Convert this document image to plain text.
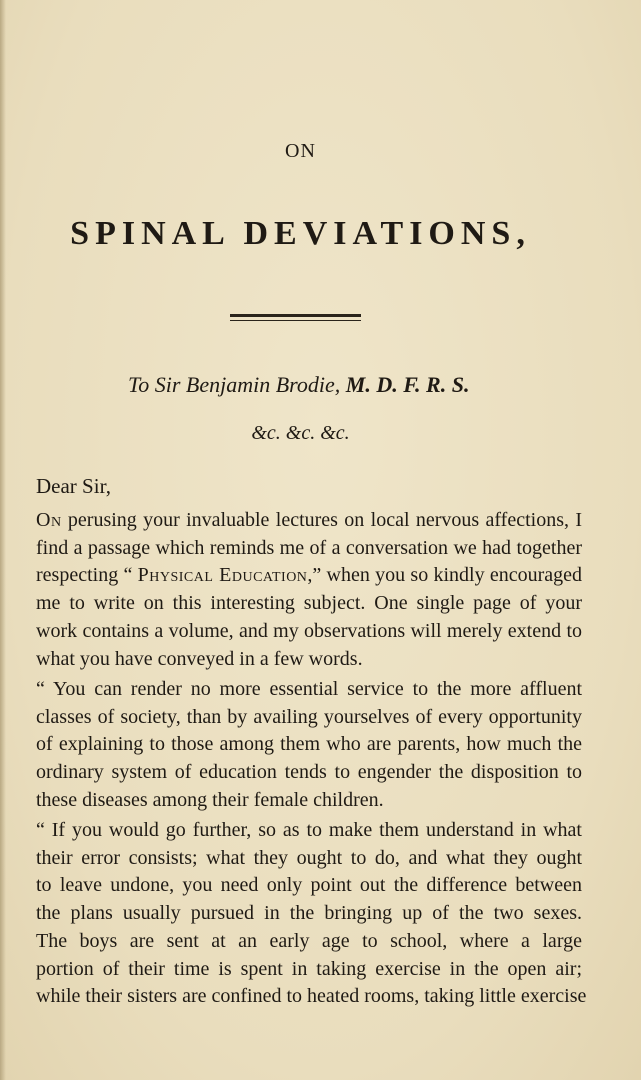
ON
SPINAL DEVIATIONS,
To Sir Benjamin Brodie, M. D. F. R. S.
&c. &c. &c.
Dear Sir,
On perusing your invaluable lectures on local nervous affections, I
find a passage which reminds me of a conversation we had together
respecting “ Physical Education,” when you so kindly encouraged
me to write on this interesting subject. One single page of your
work contains a volume, and my observations will merely extend to
what you have conveyed in a few words.
“ You can render no more essential service to the more affluent
classes of society, than by availing yourselves of every opportunity
of explaining to those among them who are parents, how much the
ordinary system of education tends to engender the disposition to
these diseases among their female children.
“ If you would go further, so as to make them understand in what
their error consists; what they ought to do, and what they ought
to leave undone, you need only point out the difference between
the plans usually pursued in the bringing up of the two sexes.
The boys are sent at an early age to school, where a large
portion of their time is spent in taking exercise in the open air;
while their sisters are confined to heated rooms, taking little exercise
